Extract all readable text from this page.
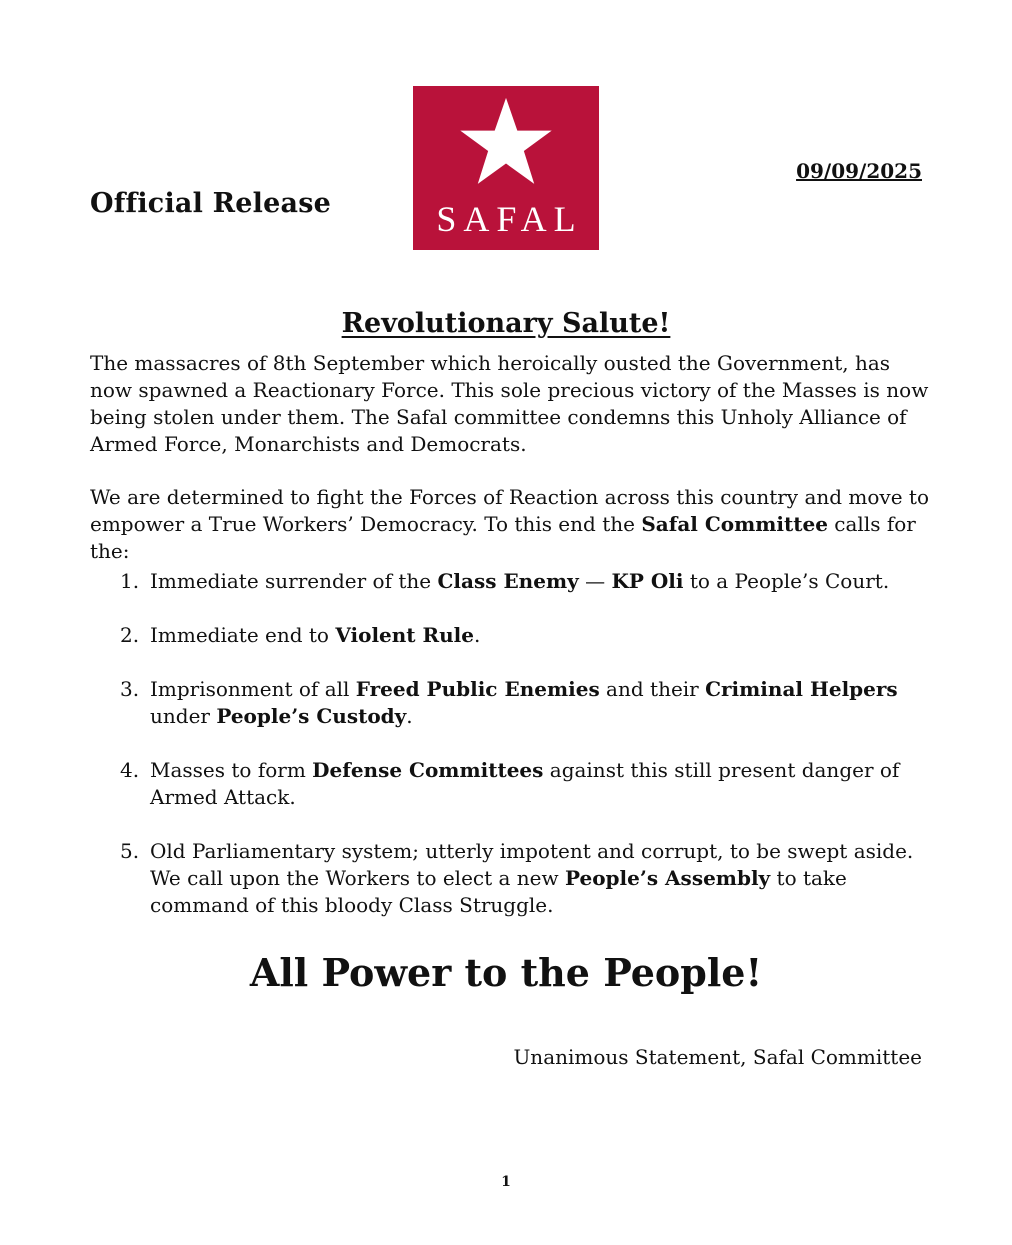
Official Release	SAFAL
09/09/2025
Revolutionary Salute!

The massacres of 8th September which heroically ousted the Government, has now spawned a Reactionary Force. This sole precious victory of the Masses is now being stolen under them. The Safal committee condemns this Unholy Alliance of Armed Force, Monarchists and Democrats.

We are determined to fight the Forces of Reaction across this country and move to empower a True Workers’ Democracy. To this end the Safal Committee calls for the:

1. Immediate surrender of the Class Enemy — KP Oli to a People’s Court.
2. Immediate end to Violent Rule.
3. Imprisonment of all Freed Public Enemies and their Criminal Helpers under People’s Custody.
4. Masses to form Defense Committees against this still present danger of Armed Attack.
5. Old Parliamentary system; utterly impotent and corrupt, to be swept aside. We call upon the Workers to elect a new People’s Assembly to take command of this bloody Class Struggle.
All Power to the People!
Unanimous Statement, Safal Committee
1
